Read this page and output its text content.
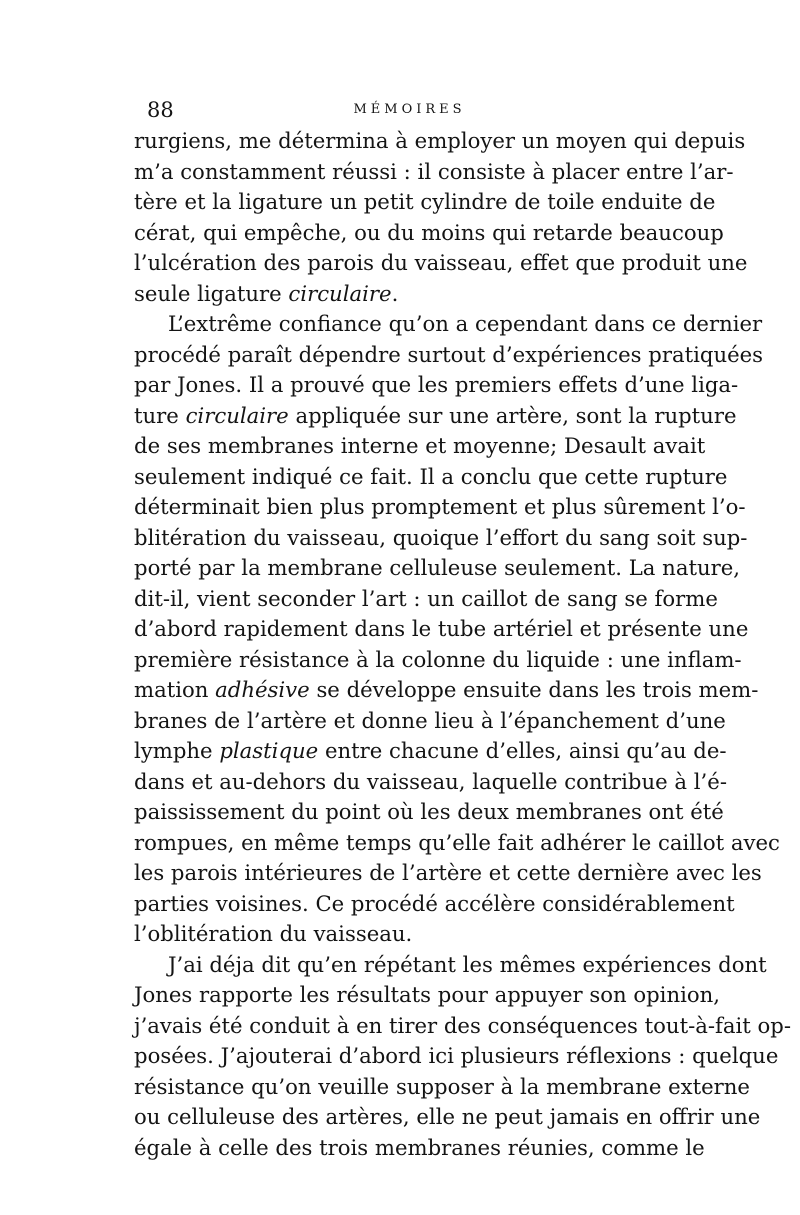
88	MÉMOIRES
rurgiens, me détermina à employer un moyen qui depuis
m’a constamment réussi : il consiste à placer entre l’ar-
tère et la ligature un petit cylindre de toile enduite de
cérat, qui empêche, ou du moins qui retarde beaucoup
l’ulcération des parois du vaisseau, effet que produit une
seule ligature circulaire.
L’extrême confiance qu’on a cependant dans ce dernier
procédé paraît dépendre surtout d’expériences pratiquées
par Jones. Il a prouvé que les premiers effets d’une liga-
ture circulaire appliquée sur une artère, sont la rupture
de ses membranes interne et moyenne; Desault avait
seulement indiqué ce fait. Il a conclu que cette rupture
déterminait bien plus promptement et plus sûrement l’o-
blitération du vaisseau, quoique l’effort du sang soit sup-
porté par la membrane celluleuse seulement. La nature,
dit-il, vient seconder l’art : un caillot de sang se forme
d’abord rapidement dans le tube artériel et présente une
première résistance à la colonne du liquide : une inflam-
mation adhésive se développe ensuite dans les trois mem-
branes de l’artère et donne lieu à l’épanchement d’une
lymphe plastique entre chacune d’elles, ainsi qu’au de-
dans et au-dehors du vaisseau, laquelle contribue à l’é-
paississement du point où les deux membranes ont été
rompues, en même temps qu’elle fait adhérer le caillot avec
les parois intérieures de l’artère et cette dernière avec les
parties voisines. Ce procédé accélère considérablement
l’oblitération du vaisseau.
J’ai déja dit qu’en répétant les mêmes expériences dont
Jones rapporte les résultats pour appuyer son opinion,
j’avais été conduit à en tirer des conséquences tout-à-fait op-
posées. J’ajouterai d’abord ici plusieurs réflexions : quelque
résistance qu’on veuille supposer à la membrane externe
ou celluleuse des artères, elle ne peut jamais en offrir une
égale à celle des trois membranes réunies, comme le
